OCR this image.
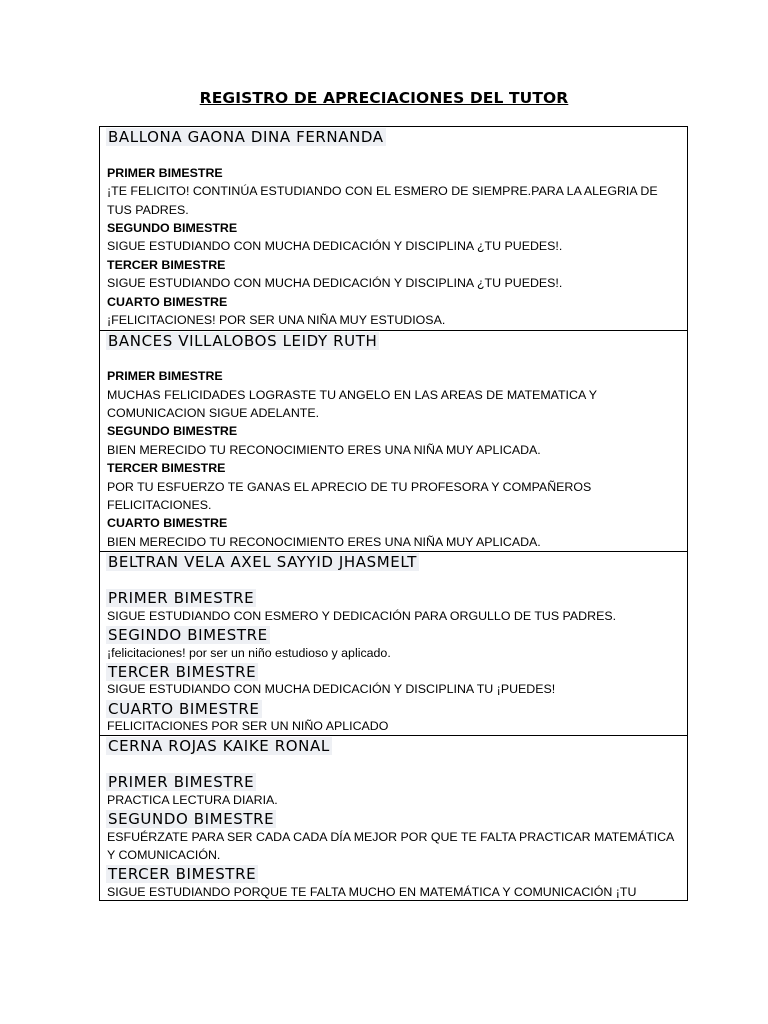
REGISTRO DE APRECIACIONES DEL TUTOR
BALLONA GAONA DINA FERNANDA
PRIMER BIMESTRE
¡TE FELICITO! CONTINÚA ESTUDIANDO CON EL ESMERO DE SIEMPRE.PARA LA ALEGRIA DE
TUS PADRES.
SEGUNDO BIMESTRE
SIGUE ESTUDIANDO CON MUCHA DEDICACIÓN Y DISCIPLINA ¿TU PUEDES!.
TERCER BIMESTRE
SIGUE ESTUDIANDO CON MUCHA DEDICACIÓN Y DISCIPLINA ¿TU PUEDES!.
CUARTO BIMESTRE
¡FELICITACIONES! POR SER UNA NIÑA MUY ESTUDIOSA.
BANCES VILLALOBOS LEIDY RUTH
PRIMER BIMESTRE
MUCHAS FELICIDADES LOGRASTE TU ANGELO EN LAS AREAS DE MATEMATICA Y
COMUNICACION SIGUE ADELANTE.
SEGUNDO BIMESTRE
BIEN MERECIDO TU RECONOCIMIENTO ERES UNA NIÑA MUY APLICADA.
TERCER BIMESTRE
POR TU ESFUERZO TE GANAS EL APRECIO DE TU PROFESORA Y COMPAÑEROS
FELICITACIONES.
CUARTO BIMESTRE
BIEN MERECIDO TU RECONOCIMIENTO ERES UNA NIÑA MUY APLICADA.
BELTRAN VELA AXEL SAYYID JHASMELT
PRIMER BIMESTRE
SIGUE ESTUDIANDO CON ESMERO Y DEDICACIÓN PARA ORGULLO DE TUS PADRES.
SEGINDO BIMESTRE
¡felicitaciones! por ser un niño estudioso y aplicado.
TERCER BIMESTRE
SIGUE ESTUDIANDO CON MUCHA DEDICACIÓN Y DISCIPLINA TU ¡PUEDES!
CUARTO BIMESTRE
FELICITACIONES POR SER UN NIÑO APLICADO
CERNA ROJAS KAIKE RONAL
PRIMER BIMESTRE
PRACTICA LECTURA DIARIA.
SEGUNDO BIMESTRE
ESFUÉRZATE PARA SER CADA CADA DÍA MEJOR POR QUE TE FALTA PRACTICAR MATEMÁTICA
Y COMUNICACIÓN.
TERCER BIMESTRE
SIGUE ESTUDIANDO PORQUE TE FALTA MUCHO EN MATEMÁTICA Y COMUNICACIÓN ¡TU
